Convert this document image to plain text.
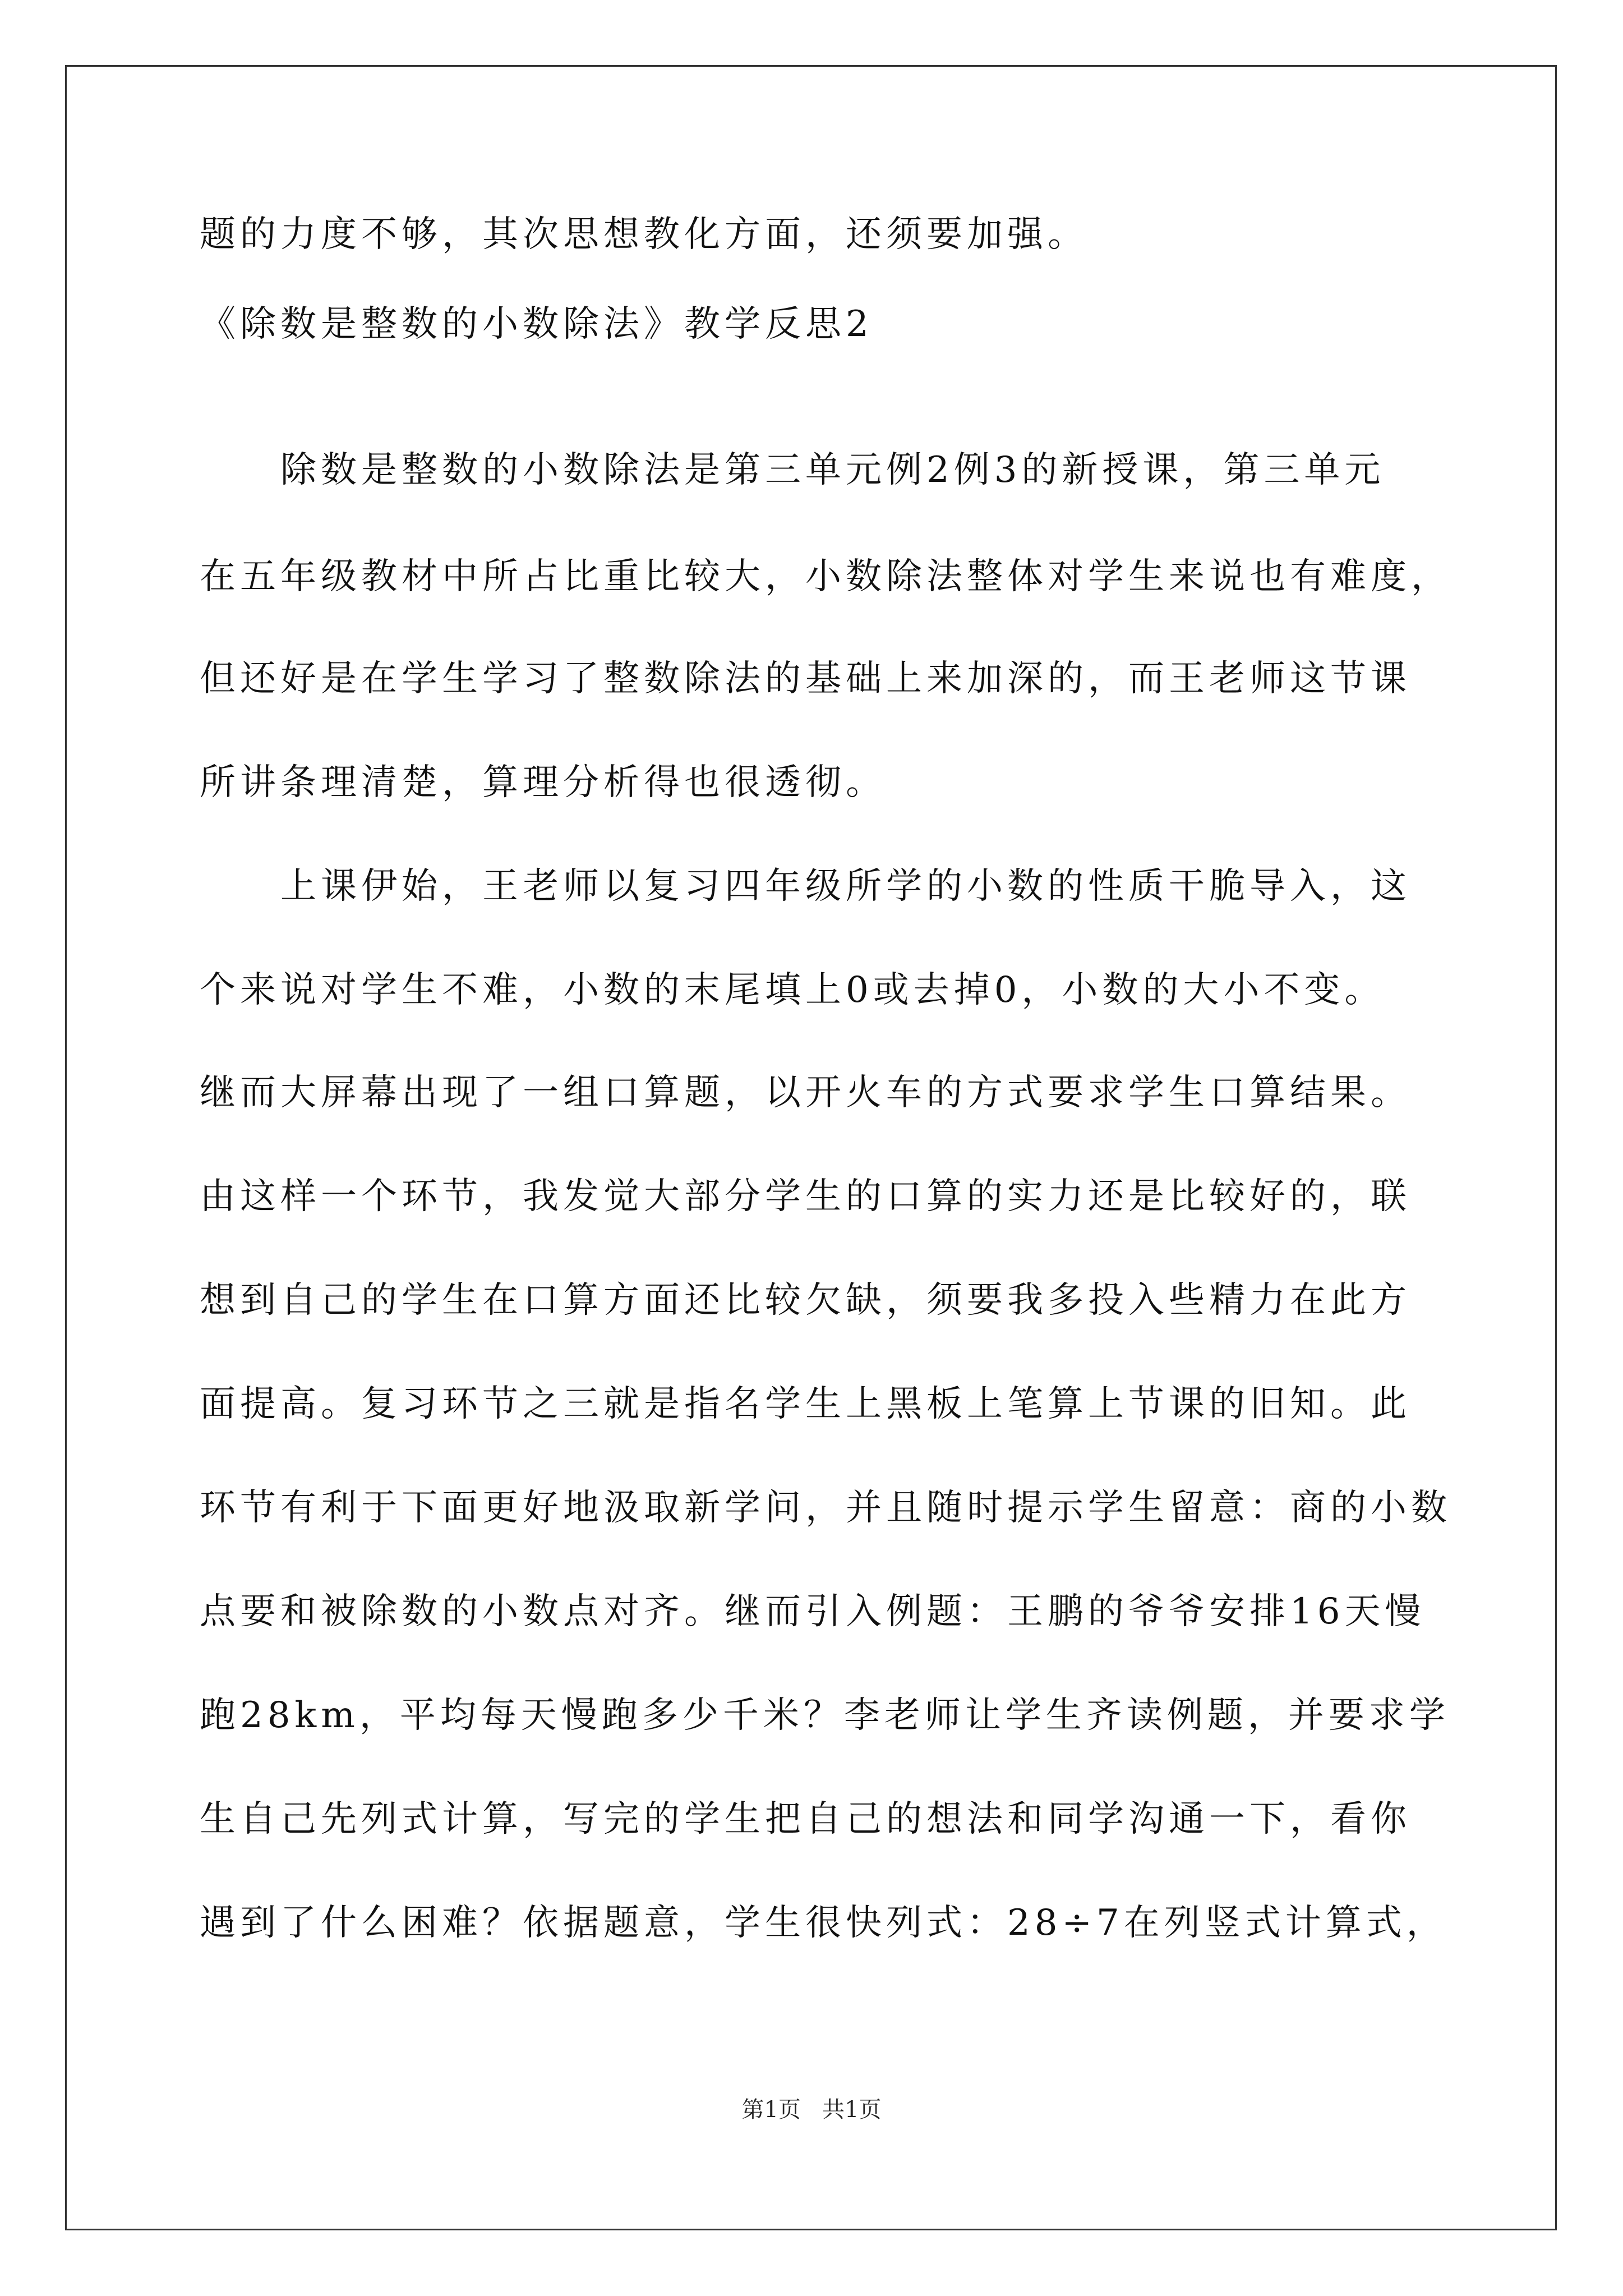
题的力度不够，其次思想教化方面，还须要加强。
《除数是整数的小数除法》教学反思2
除数是整数的小数除法是第三单元例2例3的新授课，第三单元
在五年级教材中所占比重比较大，小数除法整体对学生来说也有难度，
但还好是在学生学习了整数除法的基础上来加深的，而王老师这节课
所讲条理清楚，算理分析得也很透彻。
上课伊始，王老师以复习四年级所学的小数的性质干脆导入，这
个来说对学生不难，小数的末尾填上0或去掉0，小数的大小不变。
继而大屏幕出现了一组口算题，以开火车的方式要求学生口算结果。
由这样一个环节，我发觉大部分学生的口算的实力还是比较好的，联
想到自己的学生在口算方面还比较欠缺，须要我多投入些精力在此方
面提高。复习环节之三就是指名学生上黑板上笔算上节课的旧知。此
环节有利于下面更好地汲取新学问，并且随时提示学生留意：商的小数
点要和被除数的小数点对齐。继而引入例题：王鹏的爷爷安排16天慢
跑28km，平均每天慢跑多少千米？李老师让学生齐读例题，并要求学
生自己先列式计算，写完的学生把自己的想法和同学沟通一下，看你
遇到了什么困难？依据题意，学生很快列式：28÷7在列竖式计算式，
第1页   共1页
